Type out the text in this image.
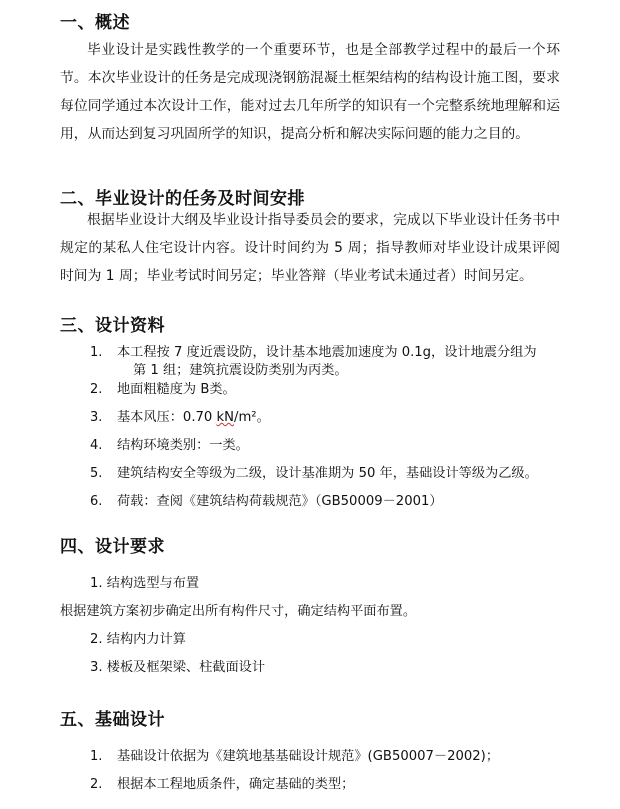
一、概述
毕业设计是实践性教学的一个重要环节，也是全部教学过程中的最后一个环节。本次毕业设计的任务是完成现浇钢筋混凝土框架结构的结构设计施工图，要求每位同学通过本次设计工作，能对过去几年所学的知识有一个完整系统地理解和运用，从而达到复习巩固所学的知识，提高分析和解决实际问题的能力之目的。
二、毕业设计的任务及时间安排
根据毕业设计大纲及毕业设计指导委员会的要求，完成以下毕业设计任务书中规定的某私人住宅设计内容。设计时间约为 5 周；指导教师对毕业设计成果评阅时间为 1 周；毕业考试时间另定；毕业答辩（毕业考试未通过者）时间另定。
三、设计资料
1. 本工程按 7 度近震设防，设计基本地震加速度为 0.1g，设计地震分组为
第 1 组；建筑抗震设防类别为丙类。
2. 地面粗糙度为 B类。
3. 基本风压：0.70 kN/m²。
4. 结构环境类别：一类。
5. 建筑结构安全等级为二级，设计基准期为 50 年，基础设计等级为乙级。
6. 荷载：查阅《建筑结构荷载规范》（GB50009－2001）
四、设计要求
1. 结构选型与布置
根据建筑方案初步确定出所有构件尺寸，确定结构平面布置。
2. 结构内力计算
3. 楼板及框架梁、柱截面设计
五、基础设计
1. 基础设计依据为《建筑地基基础设计规范》(GB50007－2002)；
2. 根据本工程地质条件，确定基础的类型；
